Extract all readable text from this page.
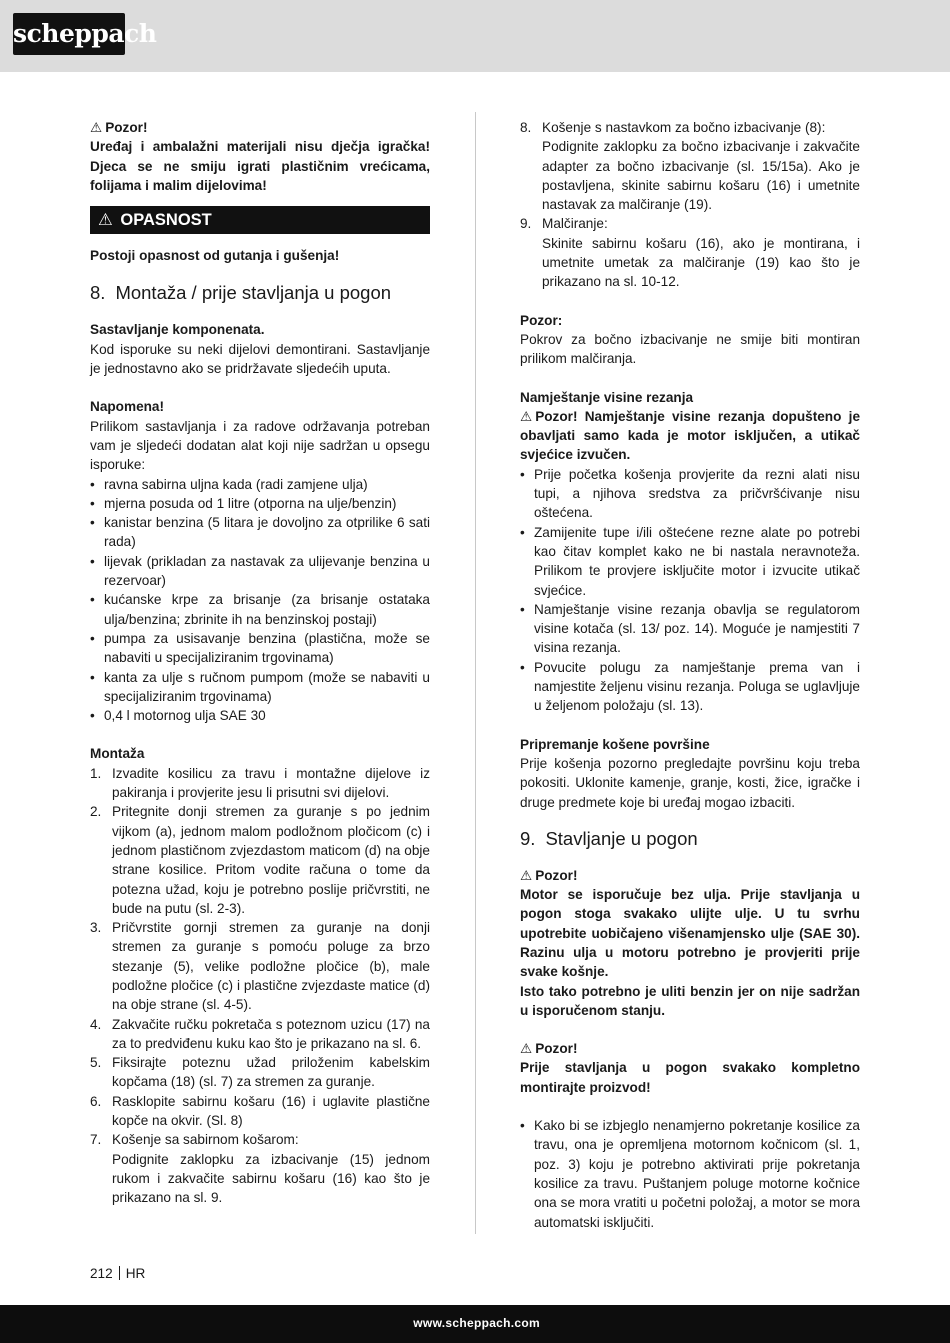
scheppach

⚠ Pozor!

Uređaj i ambalažni materijali nisu dječja igračka! Djeca se ne smiju igrati plastičnim vrećicama, folijama i malim dijelovima!

⚠ OPASNOST

Postoji opasnost od gutanja i gušenja!

8. Montaža / prije stavljanja u pogon

Sastavljanje komponenata.

Kod isporuke su neki dijelovi demontirani. Sastavljanje je jednostavno ako se pridržavate sljedećih uputa.

Napomena!

Prilikom sastavljanja i za radove održavanja potreban vam je sljedeći dodatan alat koji nije sadržan u opsegu isporuke:

• ravna sabirna uljna kada (radi zamjene ulja)
• mjerna posuda od 1 litre (otporna na ulje/benzin)
• kanistar benzina (5 litara je dovoljno za otprilike 6 sati rada)
• lijevak (prikladan za nastavak za ulijevanje benzina u rezervoar)
• kućanske krpe za brisanje (za brisanje ostataka ulja/benzina; zbrinite ih na benzinskoj postaji)
• pumpa za usisavanje benzina (plastična, može se nabaviti u specijaliziranim trgovinama)
• kanta za ulje s ručnom pumpom (može se nabaviti u specijaliziranim trgovinama)
• 0,4 l motornog ulja SAE 30

Montaža

1. Izvadite kosilicu za travu i montažne dijelove iz pakiranja i provjerite jesu li prisutni svi dijelovi.
2. Pritegnite donji stremen za guranje s po jednim vijkom (a), jednom malom podložnom pločicom (c) i jednom plastičnom zvjezdastom maticom (d) na obje strane kosilice. Pritom vodite računa o tome da potezna užad, koju je potrebno poslije pričvrstiti, ne bude na putu (sl. 2-3).
3. Pričvrstite gornji stremen za guranje na donji stremen za guranje s pomoću poluge za brzo stezanje (5), velike podložne pločice (b), male podložne pločice (c) i plastične zvjezdaste matice (d) na obje strane (sl. 4-5).
4. Zakvačite ručku pokretača s poteznom uzicu (17) na za to predviđenu kuku kao što je prikazano na sl. 6.
5. Fiksirajte poteznu užad priloženim kabelskim kopčama (18) (sl. 7) za stremen za guranje.
6. Rasklopite sabirnu košaru (16) i uglavite plastične kopče na okvir. (Sl. 8)
7. Košenje sa sabirnom košarom:
Podignite zaklopku za izbacivanje (15) jednom rukom i zakvačite sabirnu košaru (16) kao što je prikazano na sl. 9.
8. Košenje s nastavkom za bočno izbacivanje (8):
Podignite zaklopku za bočno izbacivanje i zakvačite adapter za bočno izbacivanje (sl. 15/15a). Ako je postavljena, skinite sabirnu košaru (16) i umetnite nastavak za malčiranje (19).
9. Malčiranje:
Skinite sabirnu košaru (16), ako je montirana, i umetnite umetak za malčiranje (19) kao što je prikazano na sl. 10-12.

Pozor:

Pokrov za bočno izbacivanje ne smije biti montiran prilikom malčiranja.

Namještanje visine rezanja

⚠ Pozor! Namještanje visine rezanja dopušteno je obavljati samo kada je motor isključen, a utikač svjećice izvučen.

• Prije početka košenja provjerite da rezni alati nisu tupi, a njihova sredstva za pričvršćivanje nisu oštećena.
• Zamijenite tupe i/ili oštećene rezne alate po potrebi kao čitav komplet kako ne bi nastala neravnoteža. Prilikom te provjere isključite motor i izvucite utikač svjećice.
• Namještanje visine rezanja obavlja se regulatorom visine kotača (sl. 13/ poz. 14). Moguće je namjestiti 7 visina rezanja.
• Povucite polugu za namještanje prema van i namjestite željenu visinu rezanja. Poluga se uglavljuje u željenom položaju (sl. 13).

Pripremanje košene površine

Prije košenja pozorno pregledajte površinu koju treba pokositi. Uklonite kamenje, granje, kosti, žice, igračke i druge predmete koje bi uređaj mogao izbaciti.

9. Stavljanje u pogon

⚠ Pozor!

Motor se isporučuje bez ulja. Prije stavljanja u pogon stoga svakako ulijte ulje. U tu svrhu upotrebite uobičajeno višenamjensko ulje (SAE 30). Razinu ulja u motoru potrebno je provjeriti prije svake košnje.

Isto tako potrebno je uliti benzin jer on nije sadržan u isporučenom stanju.

⚠ Pozor!

Prije stavljanja u pogon svakako kompletno montirajte proizvod!

• Kako bi se izbjeglo nenamjerno pokretanje kosilice za travu, ona je opremljena motornom kočnicom (sl. 1, poz. 3) koju je potrebno aktivirati prije pokretanja kosilice za travu. Puštanjem poluge motorne kočnice ona se mora vratiti u početni položaj, a motor se mora automatski isključiti.
212 HR
www.scheppach.com
